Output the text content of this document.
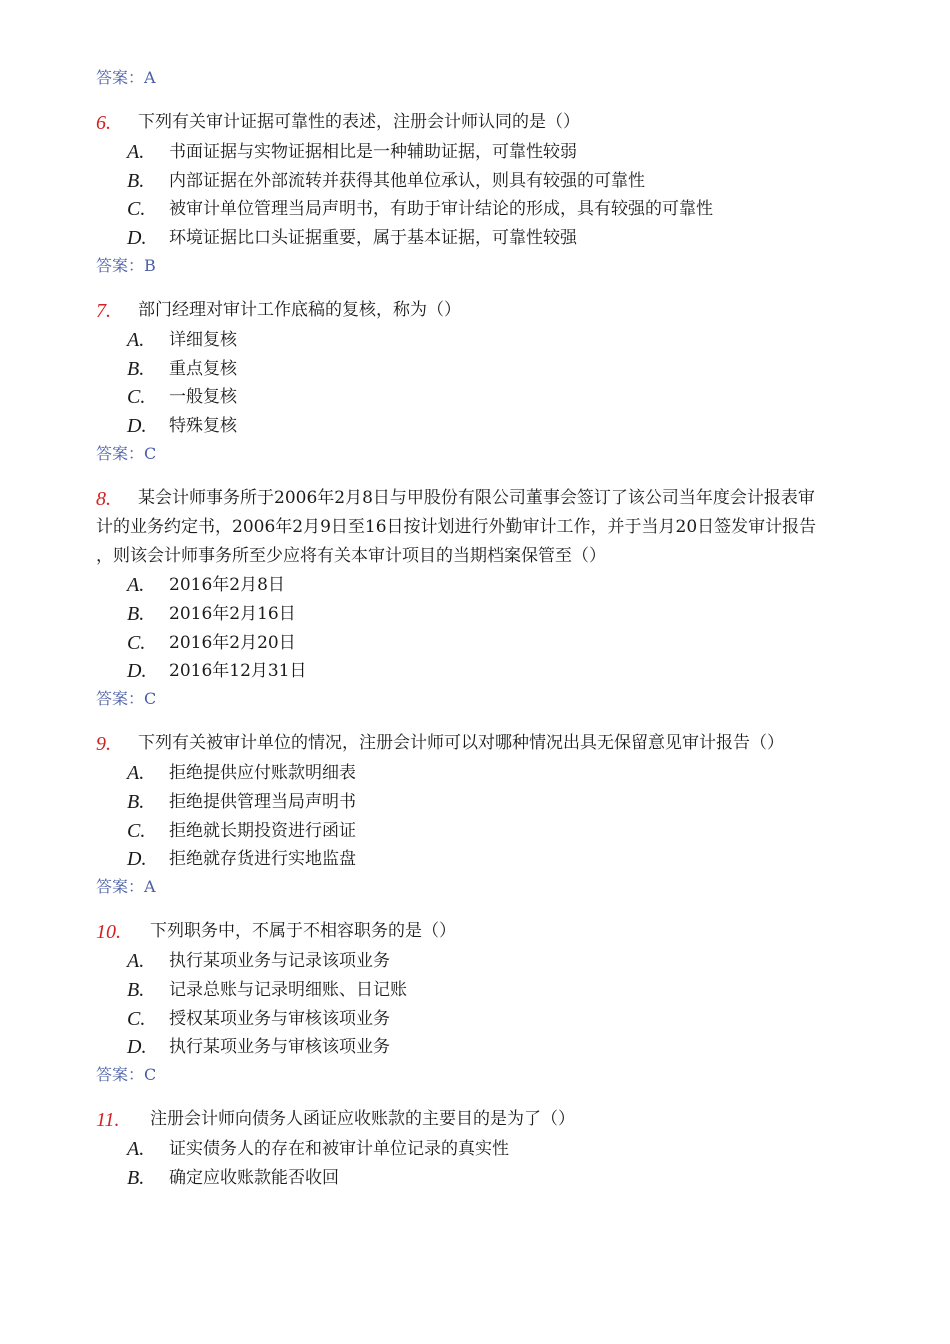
答案：A
6. 下列有关审计证据可靠性的表述，注册会计师认同的是（）
A. 书面证据与实物证据相比是一种辅助证据，可靠性较弱
B. 内部证据在外部流转并获得其他单位承认，则具有较强的可靠性
C. 被审计单位管理当局声明书，有助于审计结论的形成，具有较强的可靠性
D. 环境证据比口头证据重要，属于基本证据，可靠性较强
答案：B
7. 部门经理对审计工作底稿的复核，称为（）
A. 详细复核
B. 重点复核
C. 一般复核
D. 特殊复核
答案：C
8. 某会计师事务所于2006年2月8日与甲股份有限公司董事会签订了该公司当年度会计报表审
计的业务约定书，2006年2月9日至16日按计划进行外勤审计工作，并于当月20日签发审计报告
，则该会计师事务所至少应将有关本审计项目的当期档案保管至（）
A. 2016年2月8日
B. 2016年2月16日
C. 2016年2月20日
D. 2016年12月31日
答案：C
9. 下列有关被审计单位的情况，注册会计师可以对哪种情况出具无保留意见审计报告（）
A. 拒绝提供应付账款明细表
B. 拒绝提供管理当局声明书
C. 拒绝就长期投资进行函证
D. 拒绝就存货进行实地监盘
答案：A
10. 下列职务中，不属于不相容职务的是（）
A. 执行某项业务与记录该项业务
B. 记录总账与记录明细账、日记账
C. 授权某项业务与审核该项业务
D. 执行某项业务与审核该项业务
答案：C
11. 注册会计师向债务人函证应收账款的主要目的是为了（）
A. 证实债务人的存在和被审计单位记录的真实性
B. 确定应收账款能否收回
